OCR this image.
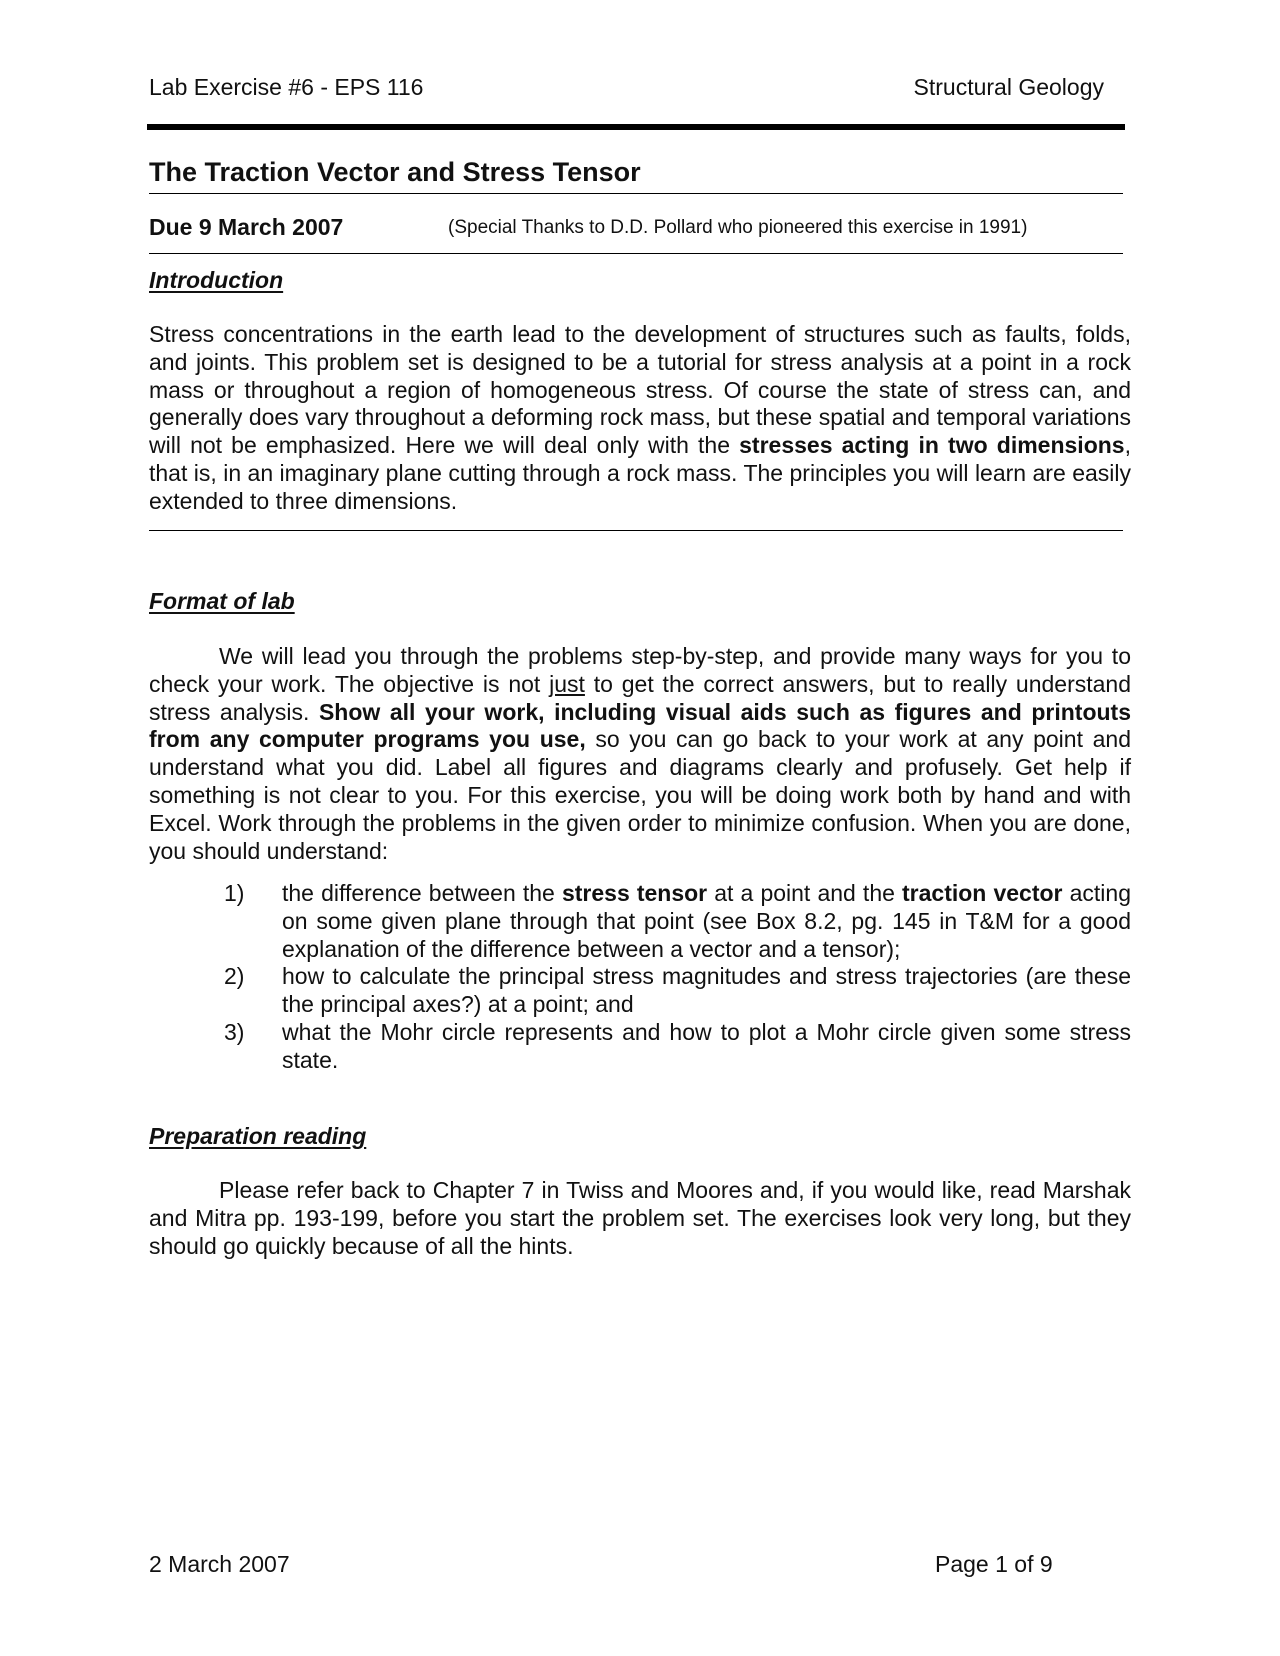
Lab Exercise #6 - EPS 116	Structural Geology
The Traction Vector and Stress Tensor
Due 9 March 2007	(Special Thanks to D.D. Pollard who pioneered this exercise in 1991)
Introduction
Stress concentrations in the earth lead to the development of structures such as faults, folds, and joints. This problem set is designed to be a tutorial for stress analysis at a point in a rock mass or throughout a region of homogeneous stress. Of course the state of stress can, and generally does vary throughout a deforming rock mass, but these spatial and temporal variations will not be emphasized. Here we will deal only with the stresses acting in two dimensions, that is, in an imaginary plane cutting through a rock mass. The principles you will learn are easily extended to three dimensions.
Format of lab
We will lead you through the problems step-by-step, and provide many ways for you to check your work. The objective is not just to get the correct answers, but to really understand stress analysis. Show all your work, including visual aids such as figures and printouts from any computer programs you use, so you can go back to your work at any point and understand what you did. Label all figures and diagrams clearly and profusely. Get help if something is not clear to you. For this exercise, you will be doing work both by hand and with Excel. Work through the problems in the given order to minimize confusion. When you are done, you should understand:
1) the difference between the stress tensor at a point and the traction vector acting on some given plane through that point (see Box 8.2, pg. 145 in T&M for a good explanation of the difference between a vector and a tensor);
2) how to calculate the principal stress magnitudes and stress trajectories (are these the principal axes?) at a point; and
3) what the Mohr circle represents and how to plot a Mohr circle given some stress state.
Preparation reading
Please refer back to Chapter 7 in Twiss and Moores and, if you would like, read Marshak and Mitra pp. 193-199, before you start the problem set. The exercises look very long, but they should go quickly because of all the hints.
2 March 2007	Page 1 of 9
